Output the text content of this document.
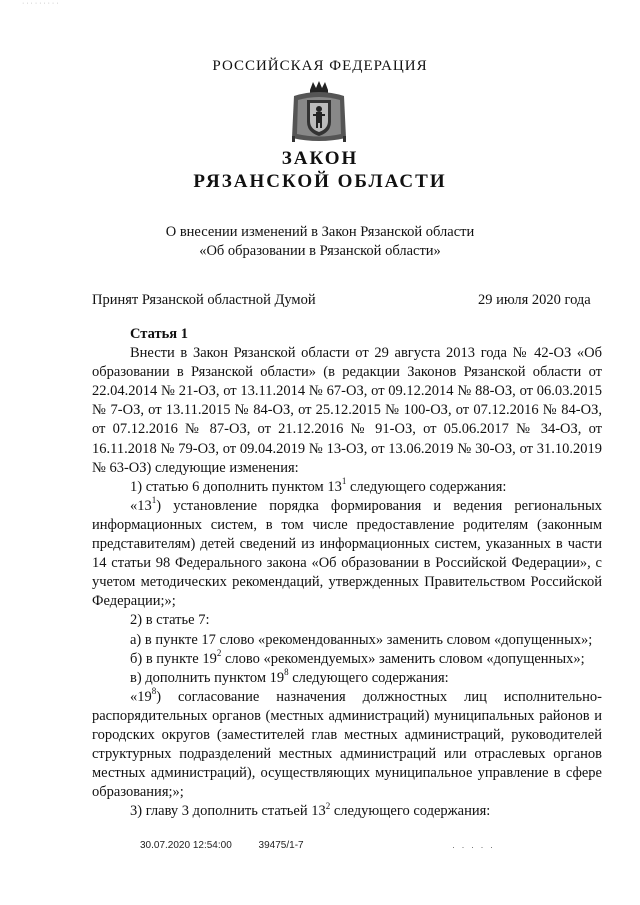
· · · · · · · · ·
РОССИЙСКАЯ ФЕДЕРАЦИЯ
ЗАКОН
РЯЗАНСКОЙ ОБЛАСТИ
О внесении изменений в Закон Рязанской области
«Об образовании в Рязанской области»
Принят Рязанской областной Думой	29 июля 2020 года

Статья 1

Внести в Закон Рязанской области от 29 августа 2013 года № 42-ОЗ «Об образовании в Рязанской области» (в редакции Законов Рязанской области от 22.04.2014 № 21-ОЗ, от 13.11.2014 № 67-ОЗ, от 09.12.2014 № 88-ОЗ, от 06.03.2015 № 7-ОЗ, от 13.11.2015 № 84-ОЗ, от 25.12.2015 № 100-ОЗ, от 07.12.2016 № 84-ОЗ, от 07.12.2016 № 87-ОЗ, от 21.12.2016 № 91-ОЗ, от 05.06.2017 № 34-ОЗ, от 16.11.2018 № 79-ОЗ, от 09.04.2019 № 13-ОЗ, от 13.06.2019 № 30-ОЗ, от 31.10.2019 № 63-ОЗ) следующие изменения:

1) статью 6 дополнить пунктом $13^1$ следующего содержания:

«$13^1$) установление порядка формирования и ведения региональных информационных систем, в том числе предоставление родителям (законным представителям) детей сведений из информационных систем, указанных в части 14 статьи 98 Федерального закона «Об образовании в Российской Федерации», с учетом методических рекомендаций, утвержденных Правительством Российской Федерации;»;

2) в статье 7:

а) в пункте 17 слово «рекомендованных» заменить словом «допущенных»;

б) в пункте $19^2$ слово «рекомендуемых» заменить словом «допущенных»;

в) дополнить пунктом $19^8$ следующего содержания:

«$19^8$) согласование назначения должностных лиц исполнительно-распорядительных органов (местных администраций) муниципальных районов и городских округов (заместителей глав местных администраций, руководителей структурных подразделений местных администраций или отраслевых органов местных администраций), осуществляющих муниципальное управление в сфере образования;»;

3) главу 3 дополнить статьей $13^2$ следующего содержания:

30.07.2020 12:54:00	39475/1-7	· · · · ·
